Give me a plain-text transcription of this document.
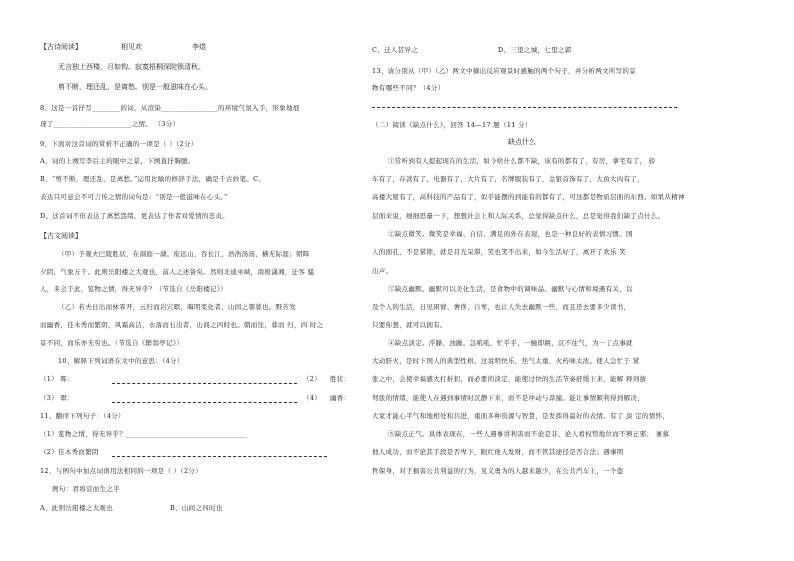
【古诗阅读】	相见欢	李煜
无言独上西楼，月如钩。寂寞梧桐深院锁清秋。
剪不断，理还乱，是离愁。别是一般滋味在心头。
8、这是一首抒写________的词，从渲染________________的环境气氛入手，形象地展
现了______________________之情。 （3分）
9、下面对这首词的赏析不正确的一项是（ ）（2分）
A、词的上阕写李后主的眼中之景，下阕直抒胸臆。
B、“剪不断，理还乱，是离愁。”运用比喻的修辞手法，确是千古妙笔。C、
表达只可意会不可言传之情的词句是：“别是一般滋味在心头。”
D、这首词不但表达了离愁怨绪，更表达了作者对爱情的忠贞。
【古文阅读】
（甲）予观夫巴陵胜状，在洞庭一湖。衔远山，吞长江，浩浩汤汤，横无际涯；朝晖
夕阴，气象万千。此则岳阳楼之大观也，前人之述备矣。然则北通巫峡，南极潇湘，迁客 骚
人，多会于此，览物之情，得无异乎？（节选自《岳阳楼记》）
（乙）若夫日出而林霏开，云归而岩穴暝，晦明变化者，山间之朝暮也。野芳发
而幽香，佳木秀而繁阴，风霜高洁，水落而石出者，山间之四时也。朝而往，暮而 归，四 时之
景不同，而乐亦无穷也。（节选自《醉翁亭记》）
10、解释下列词语在文中的意思：（4分）
（1） 晖：	（2） 胜状：
（3） 暝：	（4） 幽香：
11、翻译下列句子：（4分）
（1）览物之情，得无异乎？__________________________________
（2）佳木秀而繁阴
12、与例句中加点词语用法相同的一项是（ ）（2分）
例句：君将哀而生之乎
A、此则岳阳楼之大观也	B、山间之四时也
C、迁人甚异之	D、三里之城，七里之郭
13、请分别从（甲）（乙）两文中摘出反应观景时感触的两个句子，并分析两文所写的景
物有哪些不同？（4分）
（二）阅读《缺点什么》，回答 14—17 题（11 分）
缺点什么
①常听到有人提起现在的生活，如今啥什么都不缺，该有的都有了，有房，拿宅有了， 轿
车有了，存款有了，电器有了，大片有了，名牌服装有了，金银首饰有了，大鱼大肉有了，
高楼大厦有了，高科技的产品有了，似乎能摆的到能有的都有了，可这都是物质层面的东西。如果从精神
层面来说，细细思量一下，想想社会上和人际关系，总觉得缺点什么，总是觉得我们缺了点什么。
②缺点微笑。微笑是幸福、自信、满足的外在表现，也是一种良好的表情习惯。国
人的面孔，不是紧锁，就是目光呆滞，笑也笑不出来，如今生活好了，离开了欢乐 笑
出声。
③缺点幽默。幽默可以美化生活，是食物中的调味品。幽默与心情和境遇有关，以
及个人的生活，日见困窘、奢侈，自卑，也让人失去幽默一些，而且还去要多少读书，
只要你想，就可以拥有。
④缺点淡定。浮躁、浊躁、急吼吼，忙乎乎，一触即跳，沉不住气，为一丁点事就
大动肝火，是时下国人的典型性格。这说明快乐，焦气太重，火药味太浓。使人急忙于 紧
张之中，会使幸福感大打折扣，而必要的淡定，能使过快的生活节奏舒缓下来，能解 释剑拔
弩张的情绪，能使人在遇到事情时沉静下来，而不是冲动与莽撞。能让事情顺利得到解决，
大家才能心平气和地相处和共进，重面多种资源与智慧，是发挥得最好的表情。有了 淡 定的情怀，
⑤缺点正气。具体表现在，一些人遇事讲利害而不论是非，论人看权势地位而不辨正邪； 兼慕
他人成功，而不论其手段是否卑下，眼红他人发财，而不管其途径是否合法；遇事明
哲保身，对于损害公共利益的行为，见义勇为的人越来越少，在公共汽车上，一个盗
